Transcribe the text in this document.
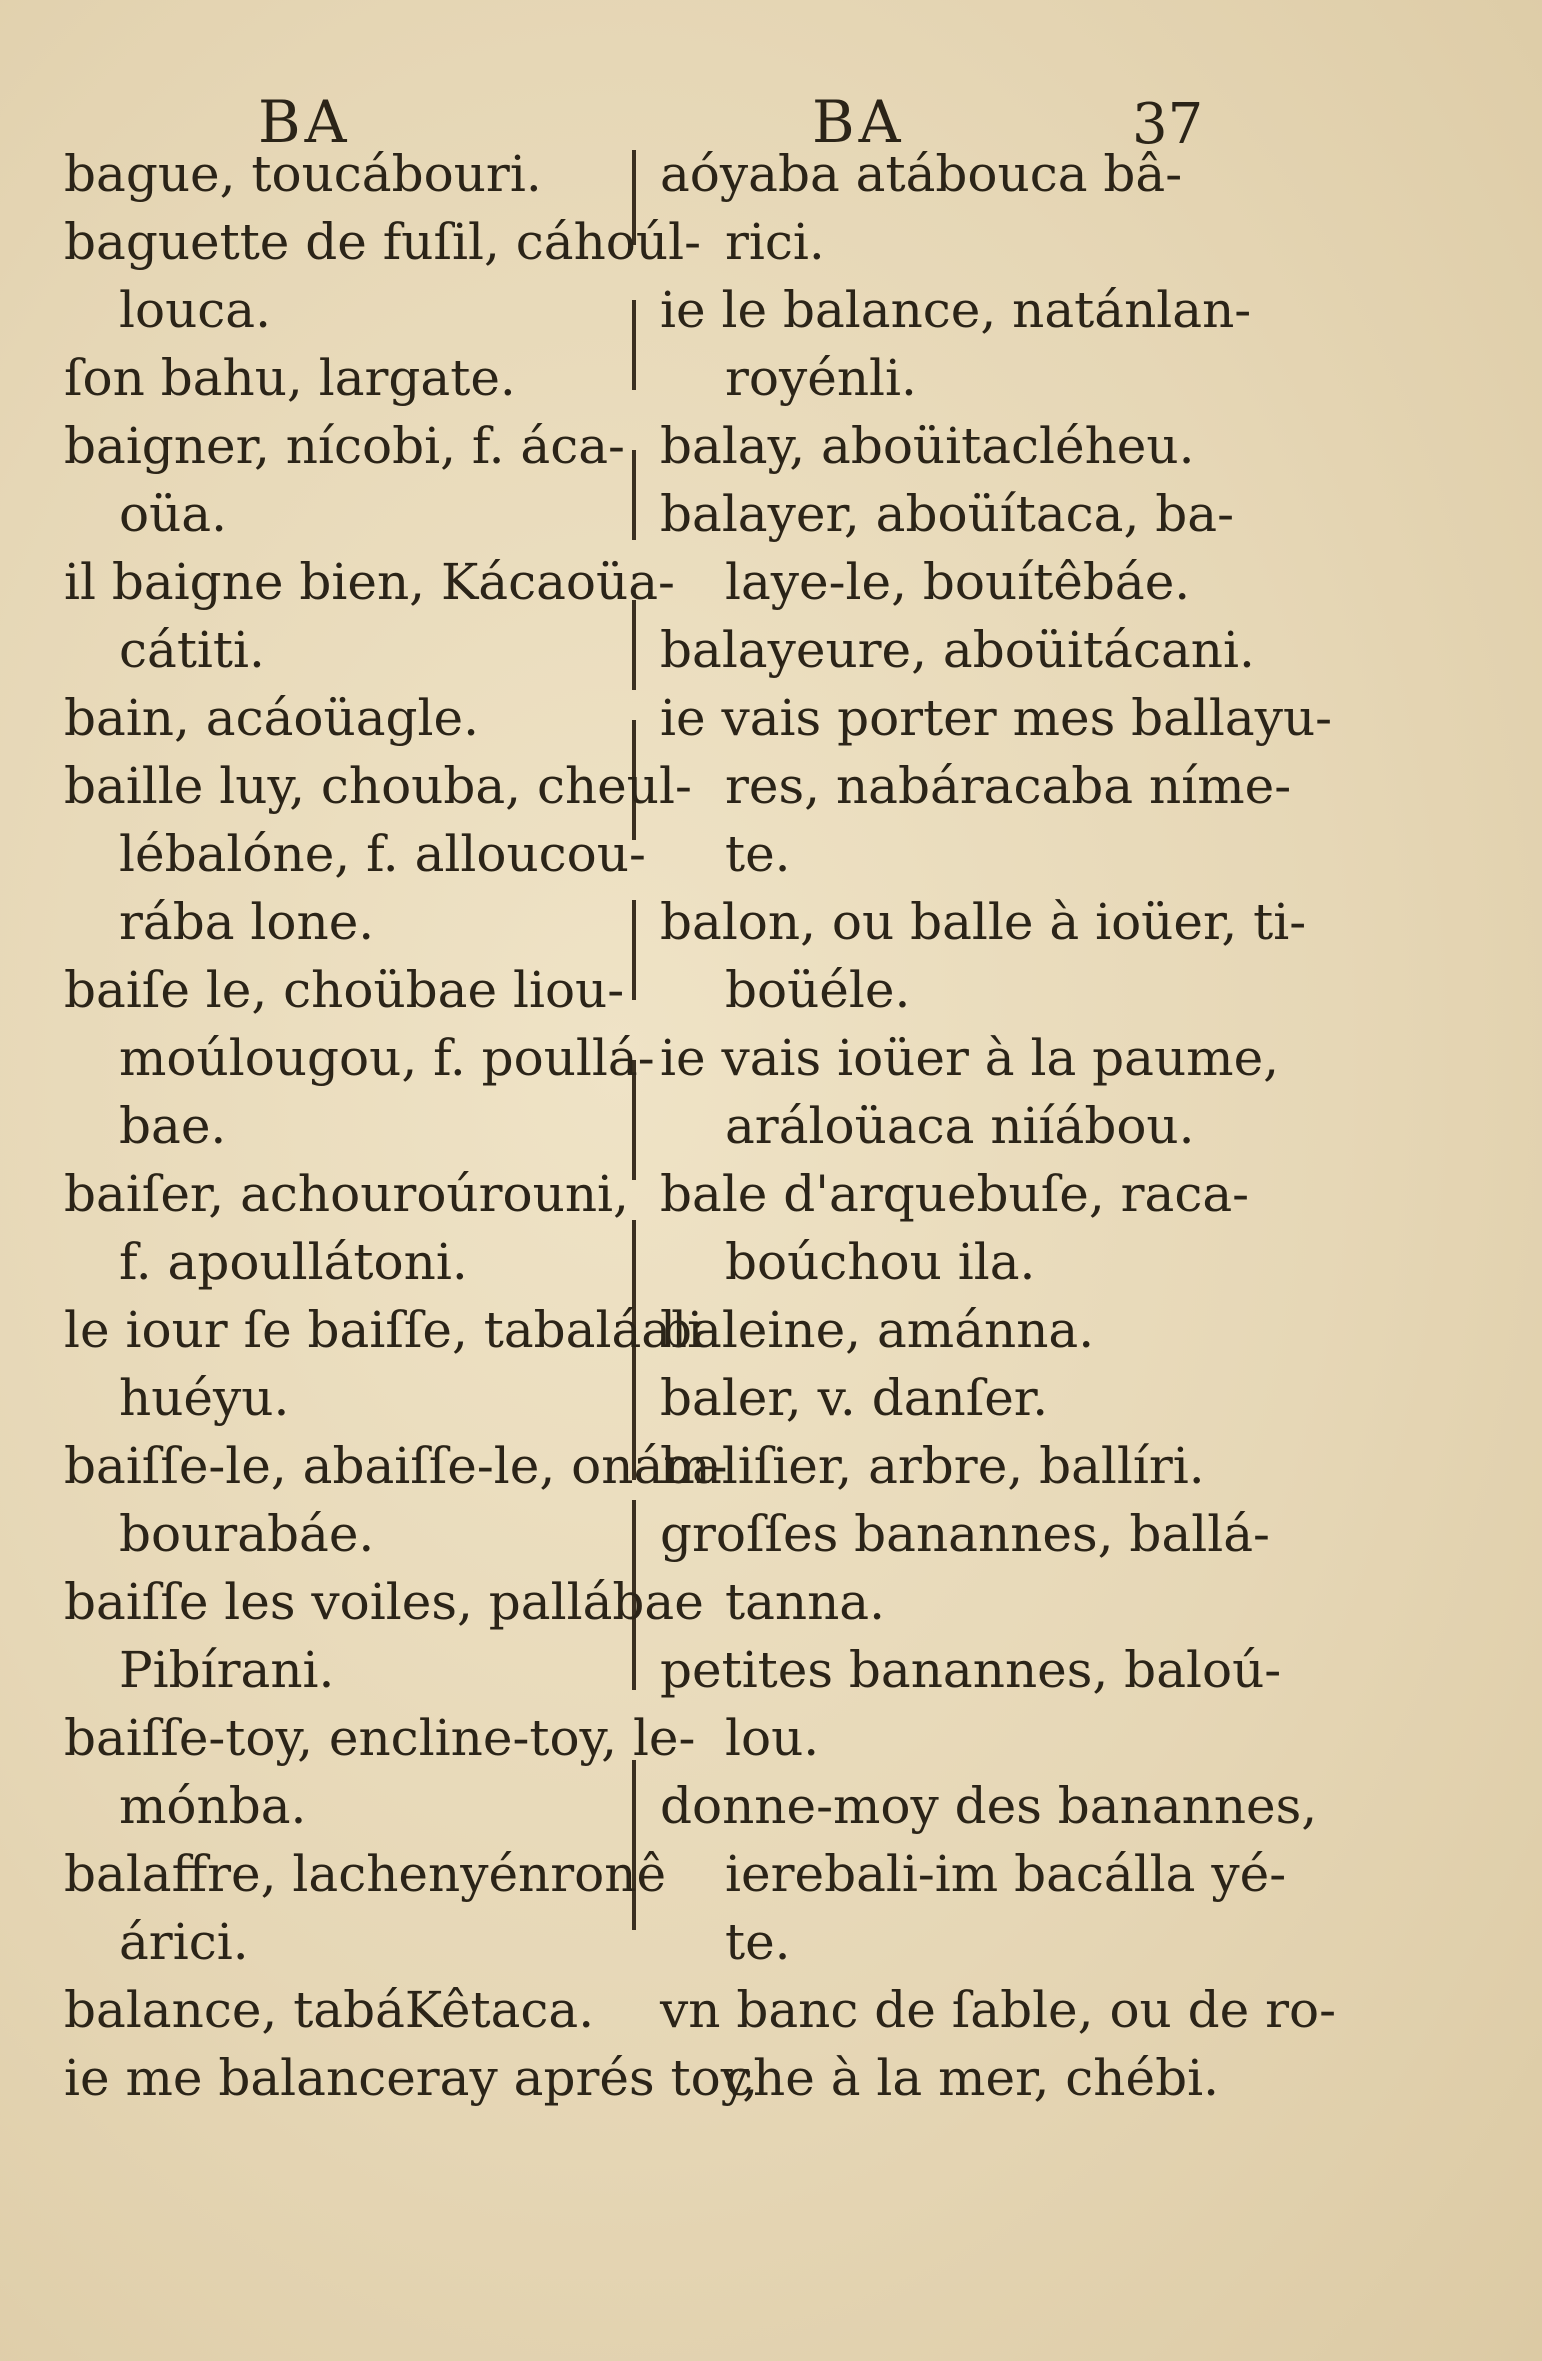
BA	BA	37

bague, toucábouri.

baguette de fuſil, cáhoúl-
louca.

ſon bahu, largate.

baigner, nícobi, f. áca-
oüa.

il baigne bien, Kácaoüa-
cátiti.

bain, acáoüagle.

baille luy, chouba, cheul-
lébalóne, f. alloucou-
rába lone.

baiſe le, choübae liou-
moúlougou, f. poullá-
bae.

baiſer, achouroúrouni,
f. apoullátoni.

le iour ſe baiſſe, tabaláali
huéyu.

baiſſe-le, abaiſſe-le, onám-
bourabáe.

baiſſe les voiles, pallábae
Pibírani.

baiſſe-toy, encline-toy, le-
mónba.

balaffre, lachenyénronê
árici.

balance, tabáKêtaca.

ie me balanceray aprés toy,

aóyaba atábouca bâ-
rici.

ie le balance, natánlan-
royénli.

balay, aboüitacléheu.

balayer, aboüítaca, ba-
laye-le, bouítêbáe.

balayeure, aboüitácani.

ie vais porter mes ballayu-
res, nabáracaba níme-
te.

balon, ou balle à ioüer, ti-
boüéle.

ie vais ioüer à la paume,
aráloüaca niíábou.

bale d'arquebuſe, raca-
boúchou ila.

baleine, amánna.

baler, v. danſer.

baliſier, arbre, ballíri.

groſſes banannes, ballá-
tanna.

petites banannes, baloú-
lou.

donne-moy des banannes,
ierebali-im bacálla yé-
te.

vn banc de ſable, ou de ro-
che à la mer, chébi.
